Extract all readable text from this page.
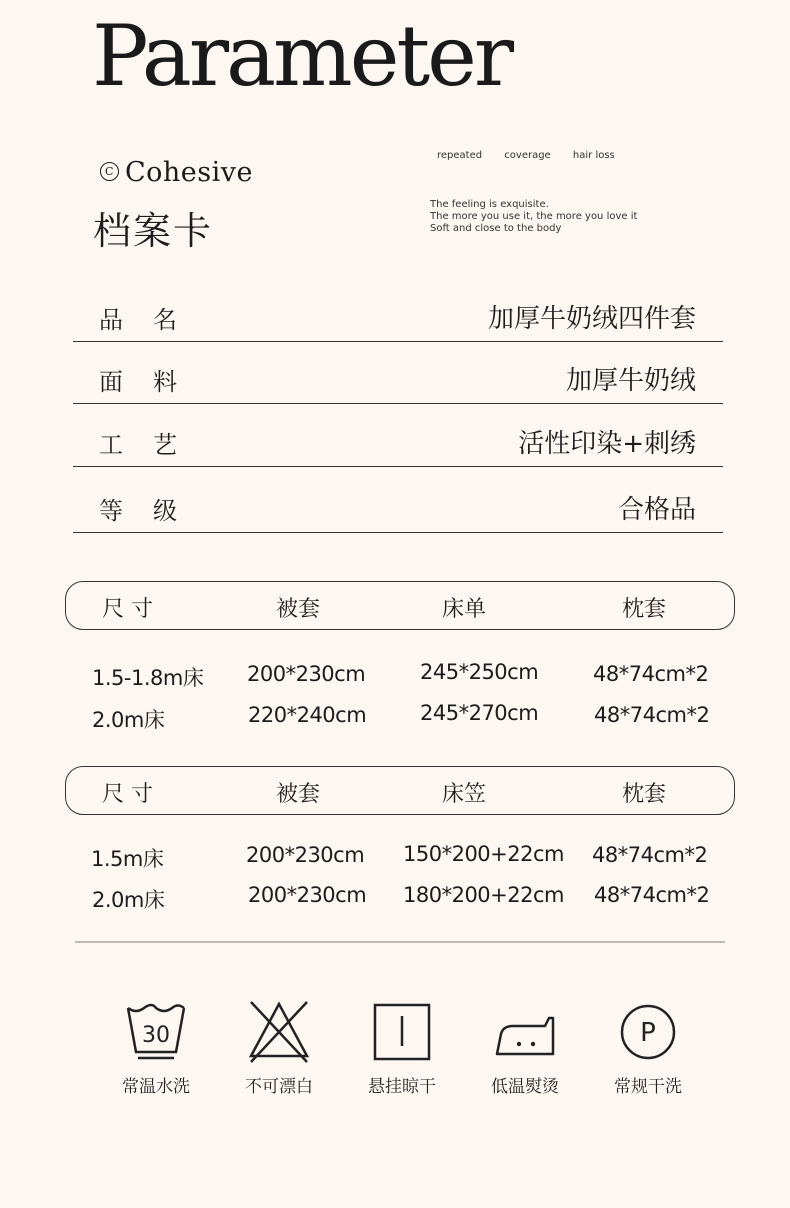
Parameter
C Cohesive
档案卡
repeated coverage hair loss
The feeling is exquisite.
The more you use it, the more you love it
Soft and close to the body
品名	加厚牛奶绒四件套
面料	加厚牛奶绒
工艺	活性印染+刺绣
等级	合格品
尺 寸	被套	床单	枕套
1.5-1.8m床 200*230cm	245*250cm	48*74cm*2
2.0m床	220*240cm	245*270cm	48*74cm*2
尺 寸	被套	床笠	枕套
1.5m床	200*230cm 150*200+22cm 48*74cm*2
2.0m床	200*230cm 180*200+22cm 48*74cm*2
30
常温水洗	不可漂白	悬挂晾干	低温熨烫
P
常规干洗
